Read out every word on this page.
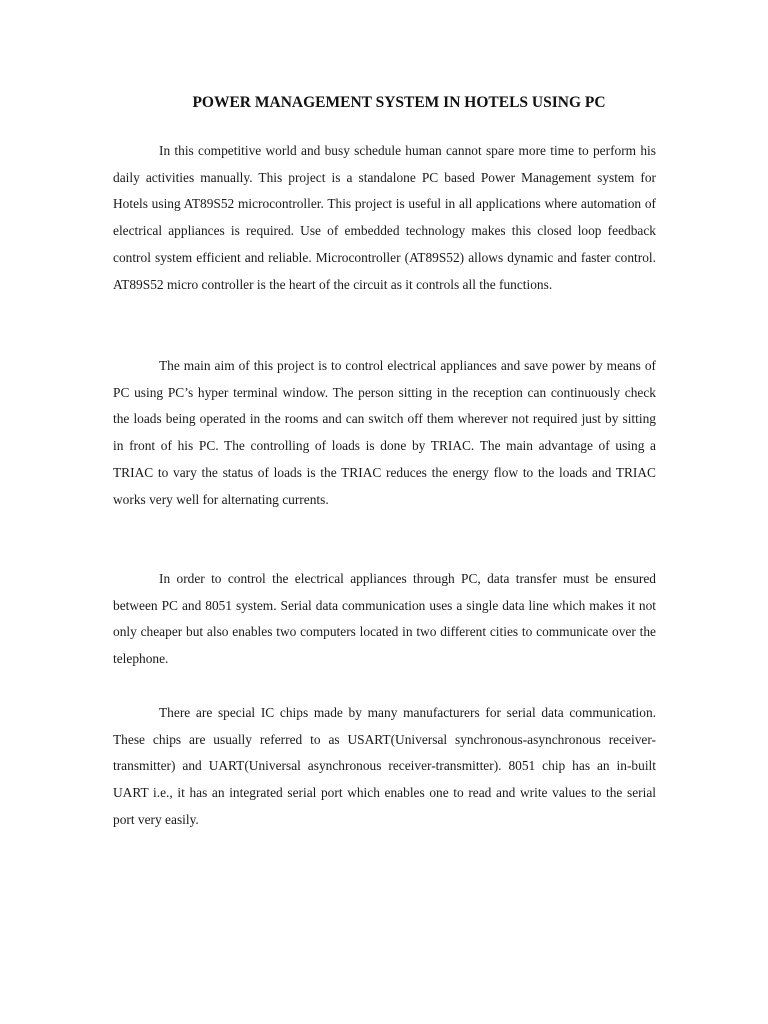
POWER MANAGEMENT SYSTEM IN HOTELS USING PC

In this competitive world and busy schedule human cannot spare more time to perform his daily activities manually. This project is a standalone PC based Power Management system for Hotels using AT89S52 microcontroller. This project is useful in all applications where automation of electrical appliances is required. Use of embedded technology makes this closed loop feedback control system efficient and reliable. Microcontroller (AT89S52) allows dynamic and faster control. AT89S52 micro controller is the heart of the circuit as it controls all the functions.

The main aim of this project is to control electrical appliances and save power by means of PC using PC’s hyper terminal window. The person sitting in the reception can continuously check the loads being operated in the rooms and can switch off them wherever not required just by sitting in front of his PC. The controlling of loads is done by TRIAC. The main advantage of using a TRIAC to vary the status of loads is the TRIAC reduces the energy flow to the loads and TRIAC works very well for alternating currents.

In order to control the electrical appliances through PC, data transfer must be ensured between PC and 8051 system. Serial data communication uses a single data line which makes it not only cheaper but also enables two computers located in two different cities to communicate over the telephone.

There are special IC chips made by many manufacturers for serial data communication. These chips are usually referred to as USART(Universal synchronous-asynchronous receiver-transmitter) and UART(Universal asynchronous receiver-transmitter). 8051 chip has an in-built UART i.e., it has an integrated serial port which enables one to read and write values to the serial port very easily.
